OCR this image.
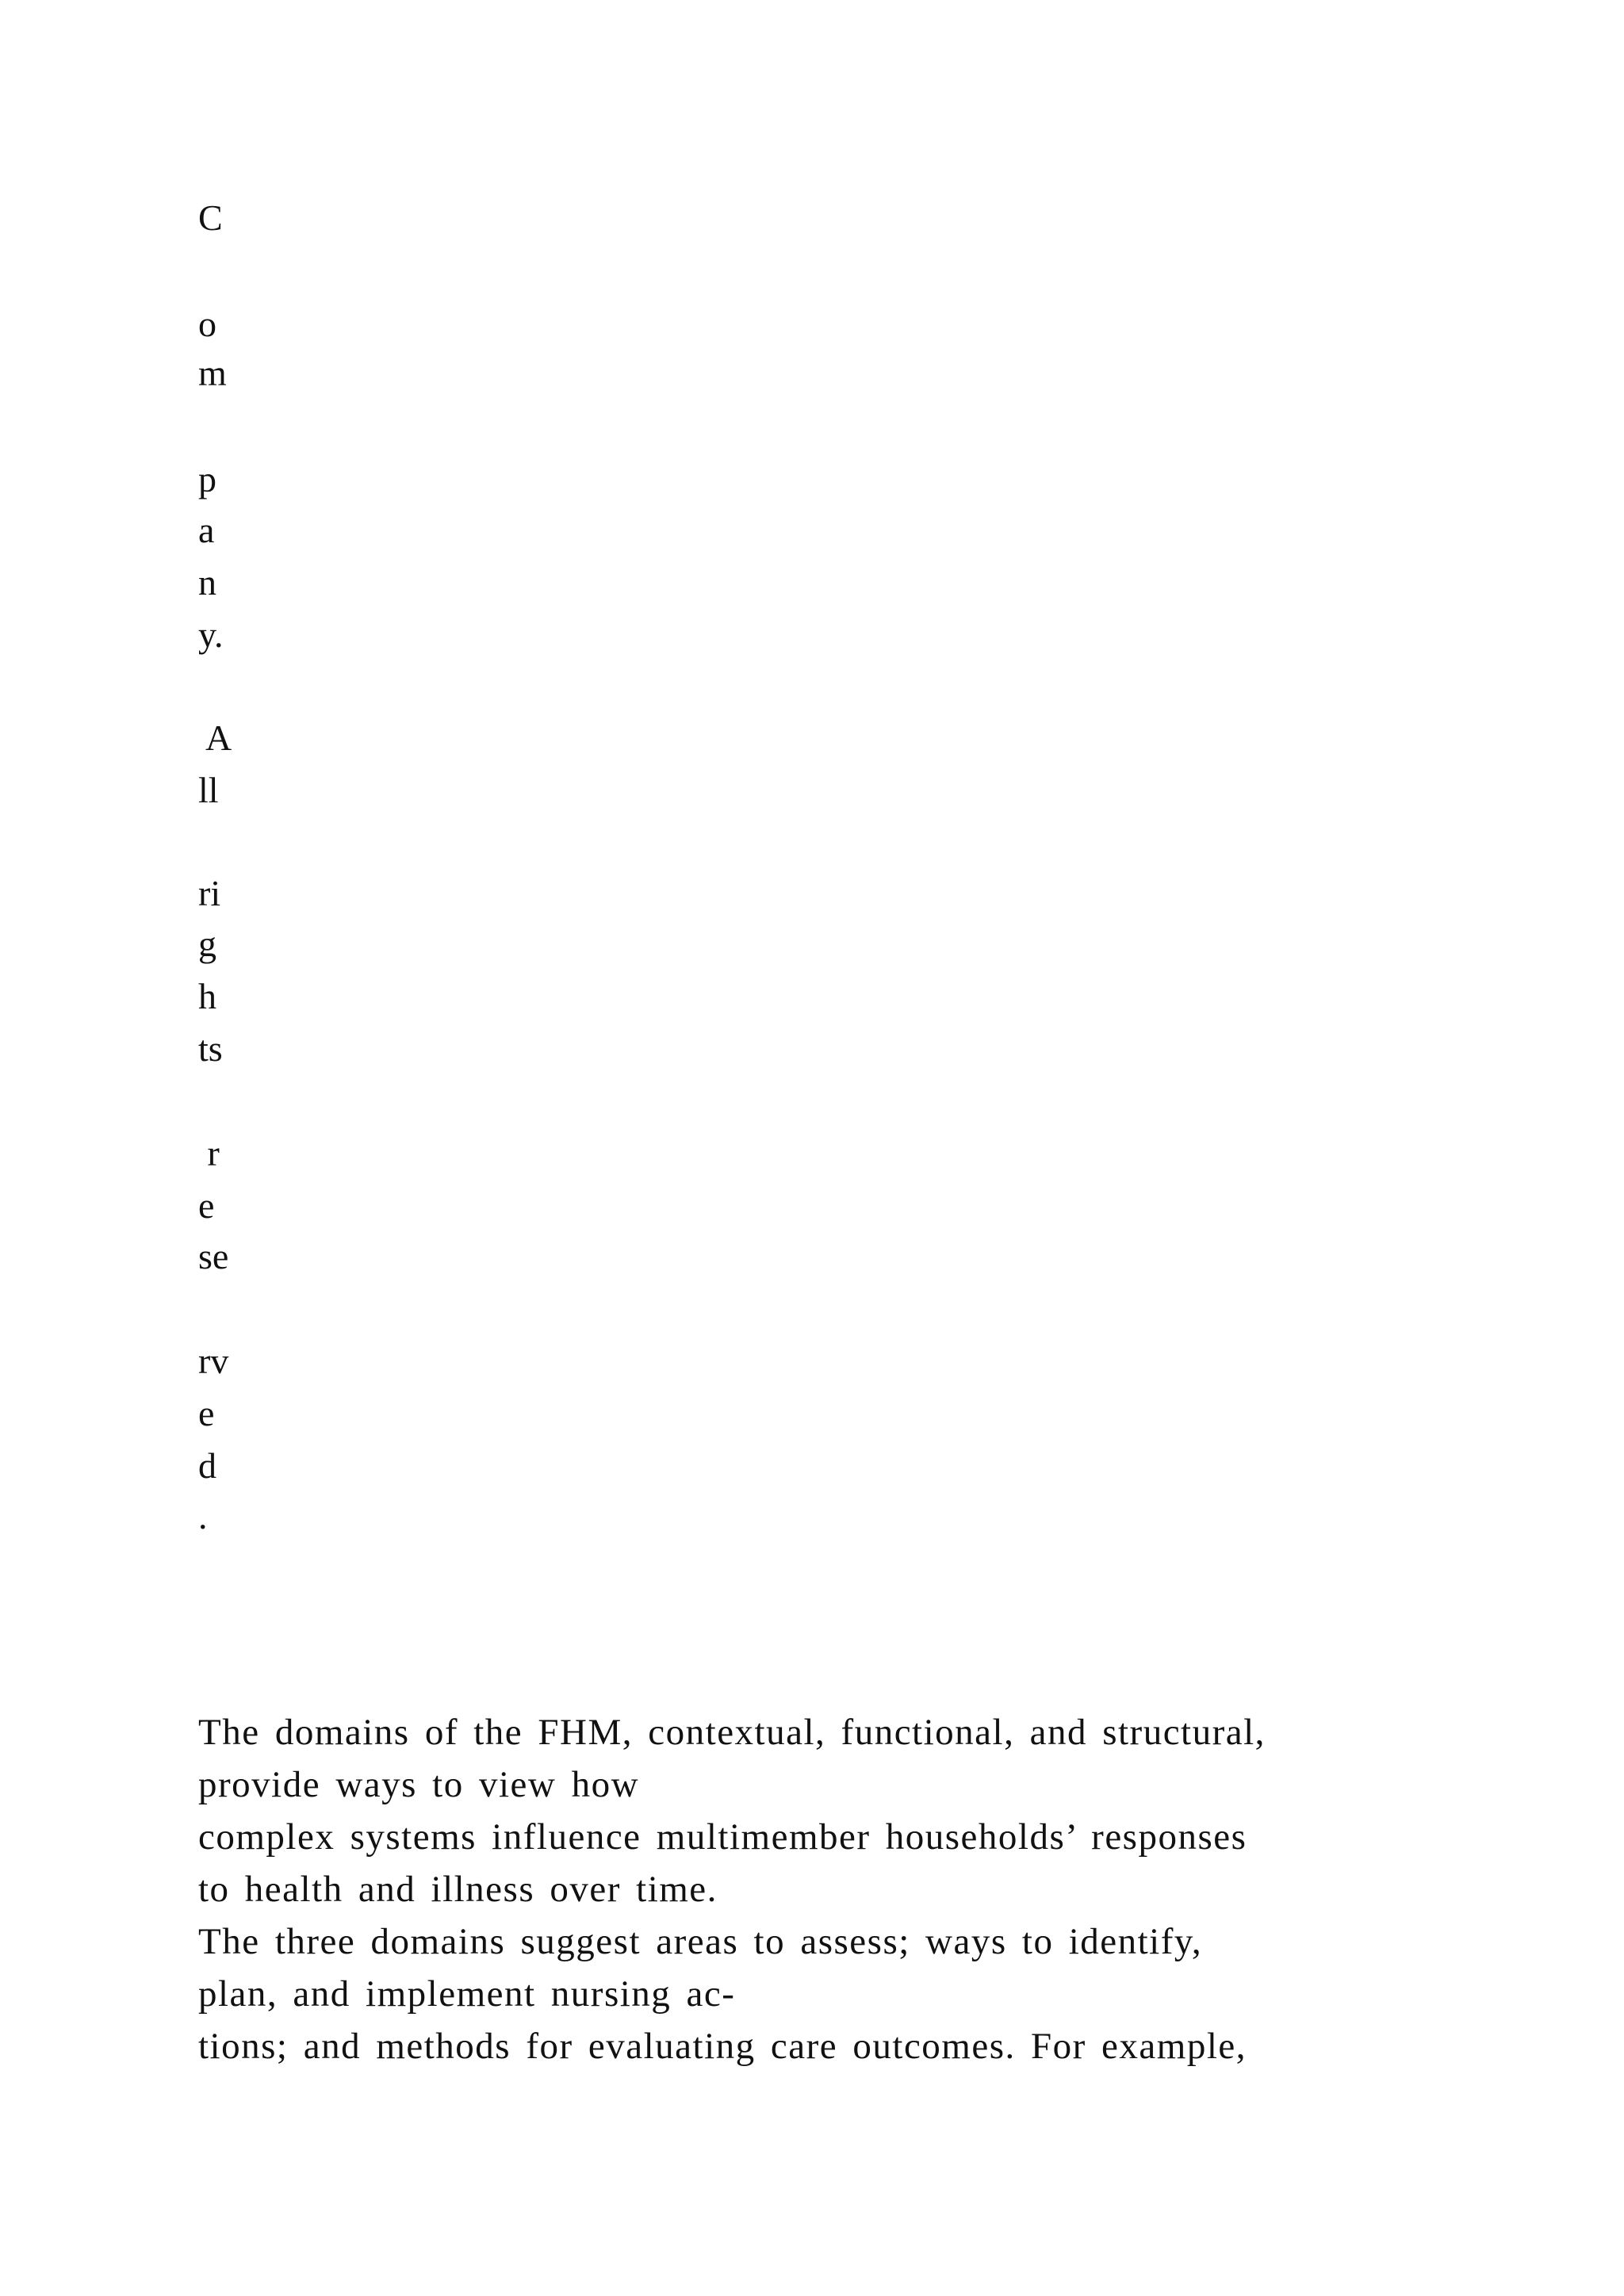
C
o
m
p
a
n
y.
A
ll
ri
g
h
ts
r
e
se
rv
e
d
.
The domains of the FHM, contextual, functional, and structural,
provide ways to view how
complex systems influence multimember households’ responses
to health and illness over time.
The three domains suggest areas to assess; ways to identify,
plan, and implement nursing ac-
tions; and methods for evaluating care outcomes. For example,
